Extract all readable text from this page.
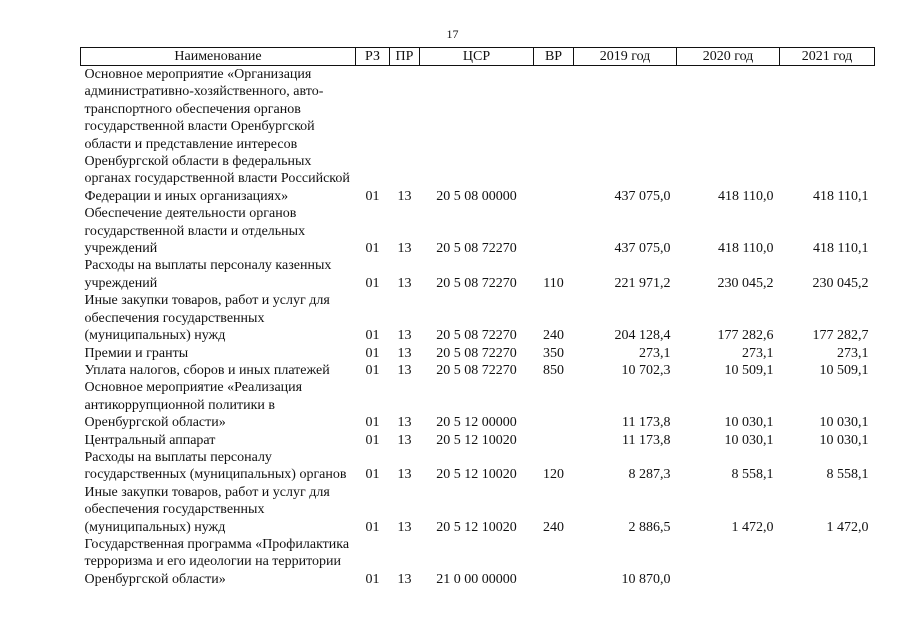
17
Наименование	РЗ	ПР	ЦСР	ВР	2019 год	2020 год	2021 год
Основное мероприятие «Организация административно-хозяйственного, авто-транспортного обеспечения органов государственной власти Оренбургской области и представление интересов Оренбургской области в федеральных органах государственной власти Российской Федерации и иных организациях»	01	13	20 5 08 00000		437 075,0	418 110,0	418 110,1
Обеспечение деятельности органов государственной власти и отдельных учреждений	01	13	20 5 08 72270		437 075,0	418 110,0	418 110,1
Расходы на выплаты персоналу казенных учреждений	01	13	20 5 08 72270	110	221 971,2	230 045,2	230 045,2
Иные закупки товаров, работ и услуг для обеспечения государственных (муниципальных) нужд	01	13	20 5 08 72270	240	204 128,4	177 282,6	177 282,7
Премии и гранты	01	13	20 5 08 72270	350	273,1	273,1	273,1
Уплата налогов, сборов и иных платежей	01	13	20 5 08 72270	850	10 702,3	10 509,1	10 509,1
Основное мероприятие «Реализация антикоррупционной политики в Оренбургской области»	01	13	20 5 12 00000		11 173,8	10 030,1	10 030,1
Центральный аппарат	01	13	20 5 12 10020		11 173,8	10 030,1	10 030,1
Расходы на выплаты персоналу государственных (муниципальных) органов	01	13	20 5 12 10020	120	8 287,3	8 558,1	8 558,1
Иные закупки товаров, работ и услуг для обеспечения государственных (муниципальных) нужд	01	13	20 5 12 10020	240	2 886,5	1 472,0	1 472,0
Государственная программа «Профилактика терроризма и его идеологии на территории Оренбургской области»	01	13	21 0 00 00000		10 870,0		
